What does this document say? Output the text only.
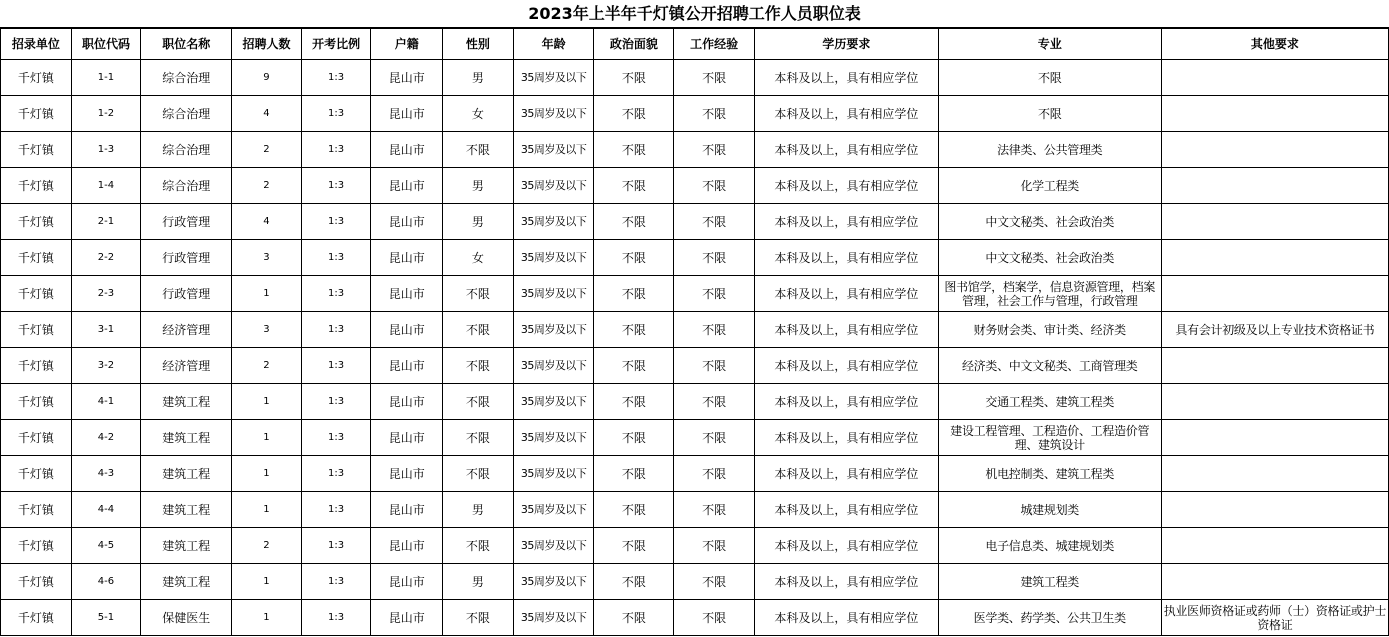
2023年上半年千灯镇公开招聘工作人员职位表
招录单位	职位代码	职位名称	招聘人数	开考比例	户籍	性别	年龄	政治面貌	工作经验	学历要求	专业	其他要求
千灯镇	1-1	综合治理	9	1:3	昆山市	男	35周岁及以下	不限	不限	本科及以上，具有相应学位	不限	
千灯镇	1-2	综合治理	4	1:3	昆山市	女	35周岁及以下	不限	不限	本科及以上，具有相应学位	不限	
千灯镇	1-3	综合治理	2	1:3	昆山市	不限	35周岁及以下	不限	不限	本科及以上，具有相应学位	法律类、公共管理类	
千灯镇	1-4	综合治理	2	1:3	昆山市	男	35周岁及以下	不限	不限	本科及以上，具有相应学位	化学工程类	
千灯镇	2-1	行政管理	4	1:3	昆山市	男	35周岁及以下	不限	不限	本科及以上，具有相应学位	中文文秘类、社会政治类	
千灯镇	2-2	行政管理	3	1:3	昆山市	女	35周岁及以下	不限	不限	本科及以上，具有相应学位	中文文秘类、社会政治类	
千灯镇	2-3	行政管理	1	1:3	昆山市	不限	35周岁及以下	不限	不限	本科及以上，具有相应学位	图书馆学，档案学，信息资源管理，档案管理，社会工作与管理，行政管理	
千灯镇	3-1	经济管理	3	1:3	昆山市	不限	35周岁及以下	不限	不限	本科及以上，具有相应学位	财务财会类、审计类、经济类	具有会计初级及以上专业技术资格证书
千灯镇	3-2	经济管理	2	1:3	昆山市	不限	35周岁及以下	不限	不限	本科及以上，具有相应学位	经济类、中文文秘类、工商管理类	
千灯镇	4-1	建筑工程	1	1:3	昆山市	不限	35周岁及以下	不限	不限	本科及以上，具有相应学位	交通工程类、建筑工程类	
千灯镇	4-2	建筑工程	1	1:3	昆山市	不限	35周岁及以下	不限	不限	本科及以上，具有相应学位	建设工程管理、工程造价、工程造价管理、建筑设计	
千灯镇	4-3	建筑工程	1	1:3	昆山市	不限	35周岁及以下	不限	不限	本科及以上，具有相应学位	机电控制类、建筑工程类	
千灯镇	4-4	建筑工程	1	1:3	昆山市	男	35周岁及以下	不限	不限	本科及以上，具有相应学位	城建规划类	
千灯镇	4-5	建筑工程	2	1:3	昆山市	不限	35周岁及以下	不限	不限	本科及以上，具有相应学位	电子信息类、城建规划类	
千灯镇	4-6	建筑工程	1	1:3	昆山市	男	35周岁及以下	不限	不限	本科及以上，具有相应学位	建筑工程类	
千灯镇	5-1	保健医生	1	1:3	昆山市	不限	35周岁及以下	不限	不限	本科及以上，具有相应学位	医学类、药学类、公共卫生类	执业医师资格证或药师（士）资格证或护士资格证
